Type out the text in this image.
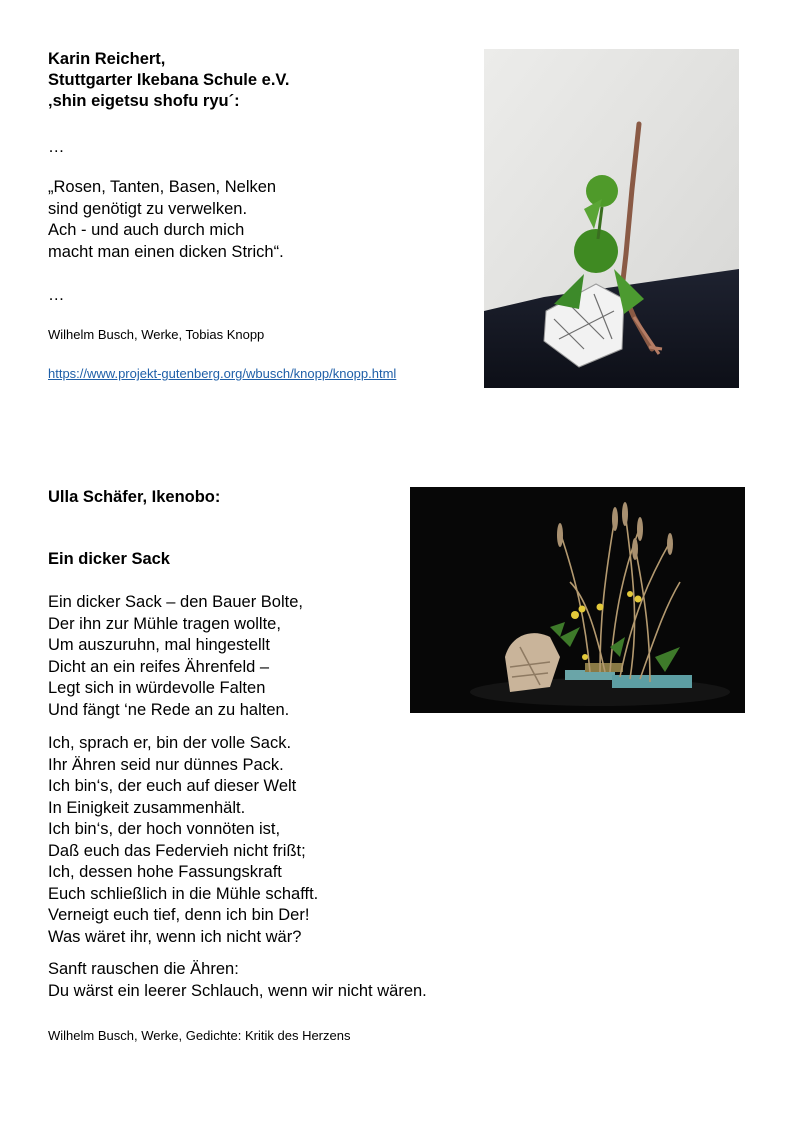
Karin Reichert,
Stuttgarter Ikebana Schule e.V.
‚shin eigetsu shofu ryu´:
…
„Rosen, Tanten, Basen, Nelken
sind genötigt zu verwelken.
Ach - und auch durch mich
macht man einen dicken Strich“.
…
Wilhelm Busch, Werke, Tobias Knopp
https://www.projekt-gutenberg.org/wbusch/knopp/knopp.html
Ulla Schäfer, Ikenobo:
Ein dicker Sack
Ein dicker Sack – den Bauer Bolte,
Der ihn zur Mühle tragen wollte,
Um auszuruhn, mal hingestellt
Dicht an ein reifes Ährenfeld –
Legt sich in würdevolle Falten
Und fängt ‘ne Rede an zu halten.
Ich, sprach er, bin der volle Sack.
Ihr Ähren seid nur dünnes Pack.
Ich bin‘s, der euch auf dieser Welt
In Einigkeit zusammenhält.
Ich bin‘s, der hoch vonnöten ist,
Daß euch das Federvieh nicht frißt;
Ich, dessen hohe Fassungskraft
Euch schließlich in die Mühle schafft.
Verneigt euch tief, denn ich bin Der!
Was wäret ihr, wenn ich nicht wär?
Sanft rauschen die Ähren:
Du wärst ein leerer Schlauch, wenn wir nicht wären.
Wilhelm Busch, Werke, Gedichte: Kritik des Herzens
